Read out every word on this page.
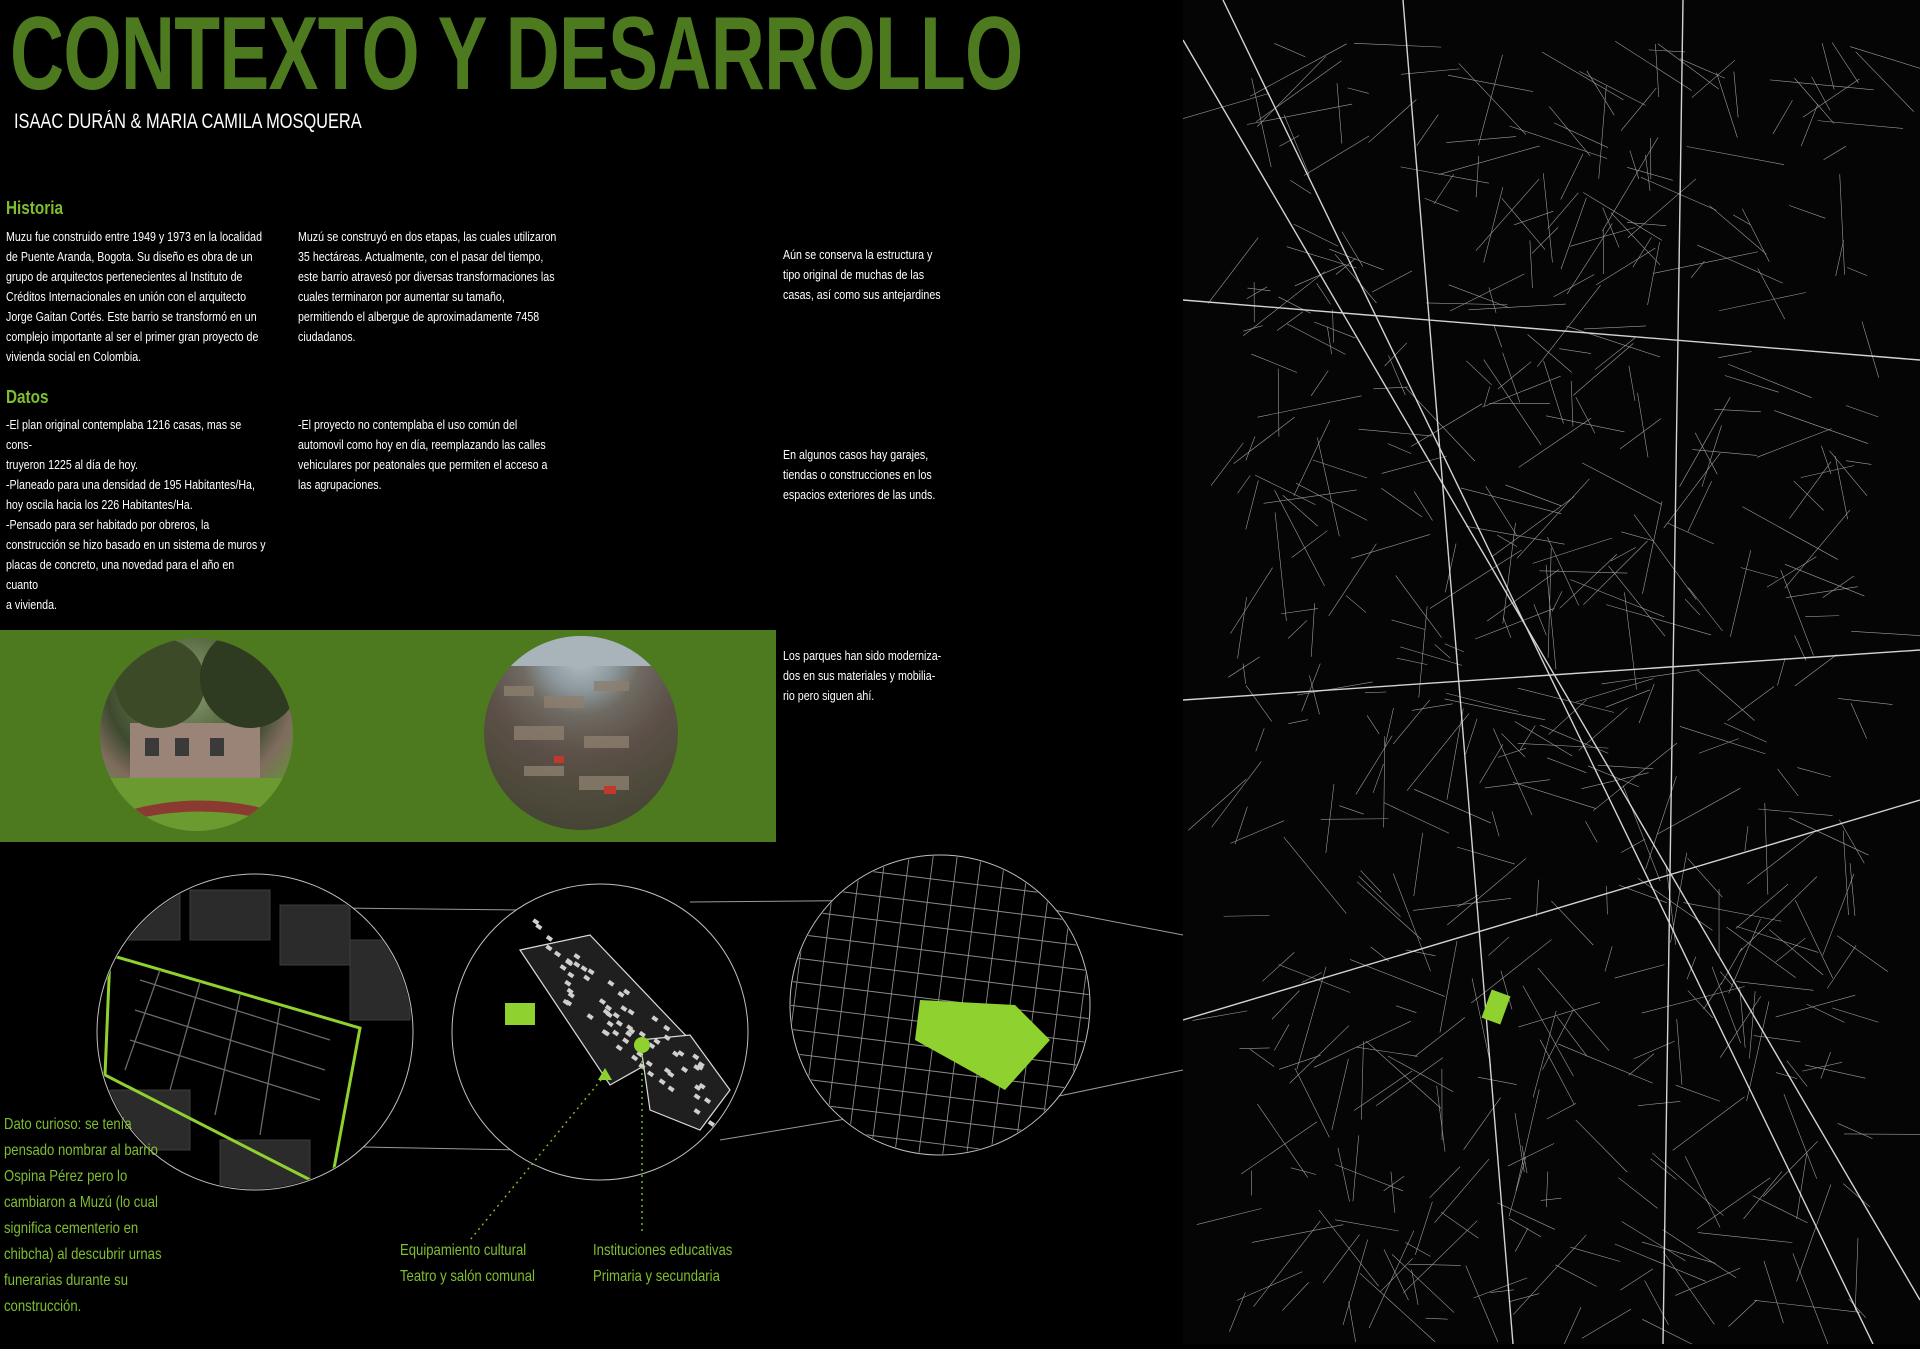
CONTEXTO Y DESARROLLO

ISAAC DURÁN & MARIA CAMILA MOSQUERA

Historia

Muzu fue construido entre 1949 y 1973 en la localidad
de Puente Aranda, Bogota. Su diseño es obra de un
grupo de arquitectos pertenecientes al Instituto de
Créditos Internacionales en unión con el arquitecto
Jorge Gaitan Cortés. Este barrio se transformó en un
complejo importante al ser el primer gran proyecto de
vivienda social en Colombia.

Muzú se construyó en dos etapas, las cuales utilizaron
35 hectáreas. Actualmente, con el pasar del tiempo,
este barrio atravesó por diversas transformaciones las
cuales terminaron por aumentar su tamaño,
permitiendo el albergue de aproximadamente 7458
ciudadanos.

Datos

-El plan original contemplaba 1216 casas, mas se cons-
truyeron 1225 al día de hoy.
-Planeado para una densidad de 195 Habitantes/Ha,
hoy oscila hacia los 226 Habitantes/Ha.
-Pensado para ser habitado por obreros, la
construcción se hizo basado en un sistema de muros y
placas de concreto, una novedad para el año en cuanto
a vivienda.

-El proyecto no contemplaba el uso común del
automovil como hoy en día, reemplazando las calles
vehiculares por peatonales que permiten el acceso a
las agrupaciones.

Aún se conserva la estructura y
tipo original de muchas de las
casas, así como sus antejardines

En algunos casos hay garajes,
tiendas o construcciones en los
espacios exteriores de las unds.

Los parques han sido moderniza-
dos en sus materiales y mobilia-
rio pero siguen ahí.

Equipamiento cultural
Teatro y salón comunal

Instituciones educativas
Primaria y secundaria

Dato curioso: se tenía
pensado nombrar al barrio
Ospina Pérez pero lo
cambiaron a Muzú (lo cual
significa cementerio en
chibcha) al descubrir urnas
funerarias durante su
construcción.
